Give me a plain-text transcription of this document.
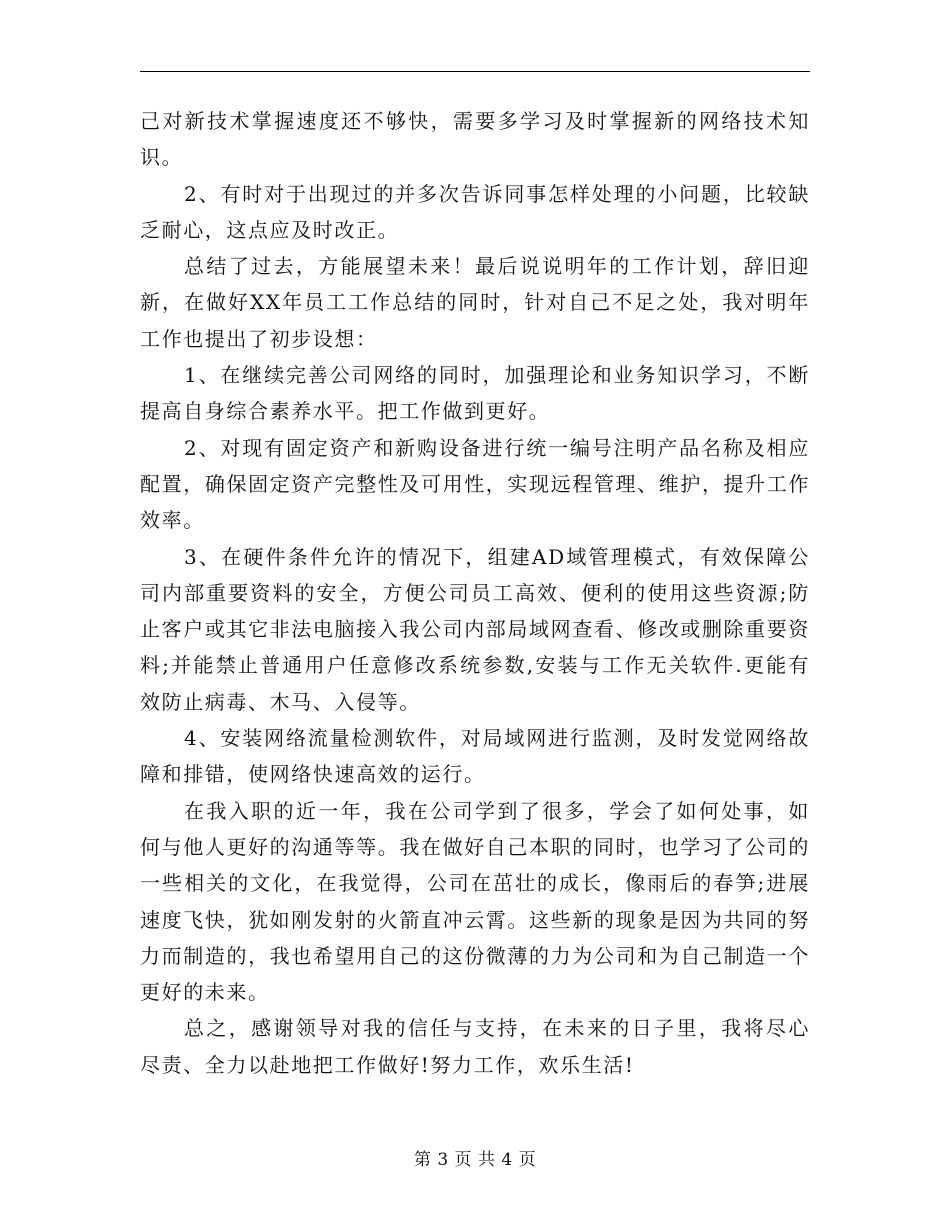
己对新技术掌握速度还不够快，需要多学习及时掌握新的网络技术知识。

2、有时对于出现过的并多次告诉同事怎样处理的小问题，比较缺乏耐心，这点应及时改正。

总结了过去，方能展望未来！最后说说明年的工作计划，辞旧迎新，在做好XX年员工工作总结的同时，针对自己不足之处，我对明年工作也提出了初步设想：

1、在继续完善公司网络的同时，加强理论和业务知识学习，不断提高自身综合素养水平。把工作做到更好。

2、对现有固定资产和新购设备进行统一编号注明产品名称及相应配置，确保固定资产完整性及可用性，实现远程管理、维护，提升工作效率。

3、在硬件条件允许的情况下，组建AD域管理模式，有效保障公司内部重要资料的安全，方便公司员工高效、便利的使用这些资源;防止客户或其它非法电脑接入我公司内部局域网查看、修改或删除重要资料;并能禁止普通用户任意修改系统参数,安装与工作无关软件.更能有效防止病毒、木马、入侵等。

4、安装网络流量检测软件，对局域网进行监测，及时发觉网络故障和排错，使网络快速高效的运行。

在我入职的近一年，我在公司学到了很多，学会了如何处事，如何与他人更好的沟通等等。我在做好自己本职的同时，也学习了公司的一些相关的文化，在我觉得，公司在茁壮的成长，像雨后的春笋;进展速度飞快，犹如刚发射的火箭直冲云霄。这些新的现象是因为共同的努力而制造的，我也希望用自己的这份微薄的力为公司和为自己制造一个更好的未来。

总之，感谢领导对我的信任与支持，在未来的日子里，我将尽心尽责、全力以赴地把工作做好!努力工作，欢乐生活!

第 3 页 共 4 页
